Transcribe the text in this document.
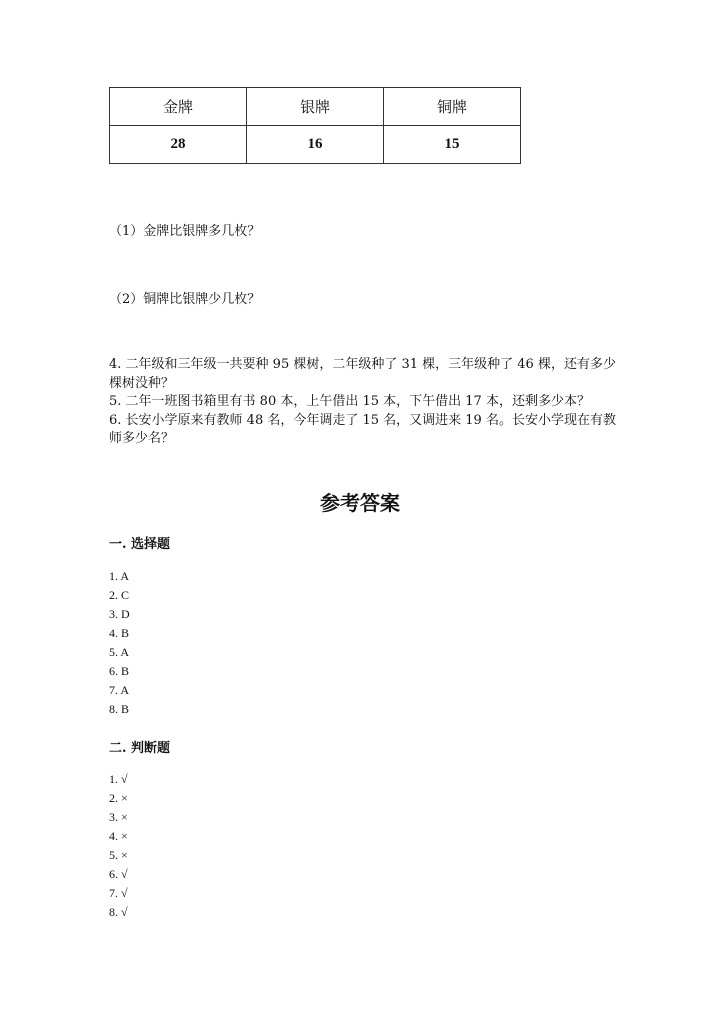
金牌	银牌	铜牌
28	16	15
（1）金牌比银牌多几枚？
（2）铜牌比银牌少几枚？
4. 二年级和三年级一共要种 95 棵树，二年级种了 31 棵，三年级种了 46 棵，还有多少棵树没种？
5. 二年一班图书箱里有书 80 本，上午借出 15 本，下午借出 17 本，还剩多少本？
6. 长安小学原来有教师 48 名，今年调走了 15 名，又调进来 19 名。长安小学现在有教师多少名？
参考答案
一. 选择题
1. A
2. C
3. D
4. B
5. A
6. B
7. A
8. B
二. 判断题
1. √
2. ×
3. ×
4. ×
5. ×
6. √
7. √
8. √
